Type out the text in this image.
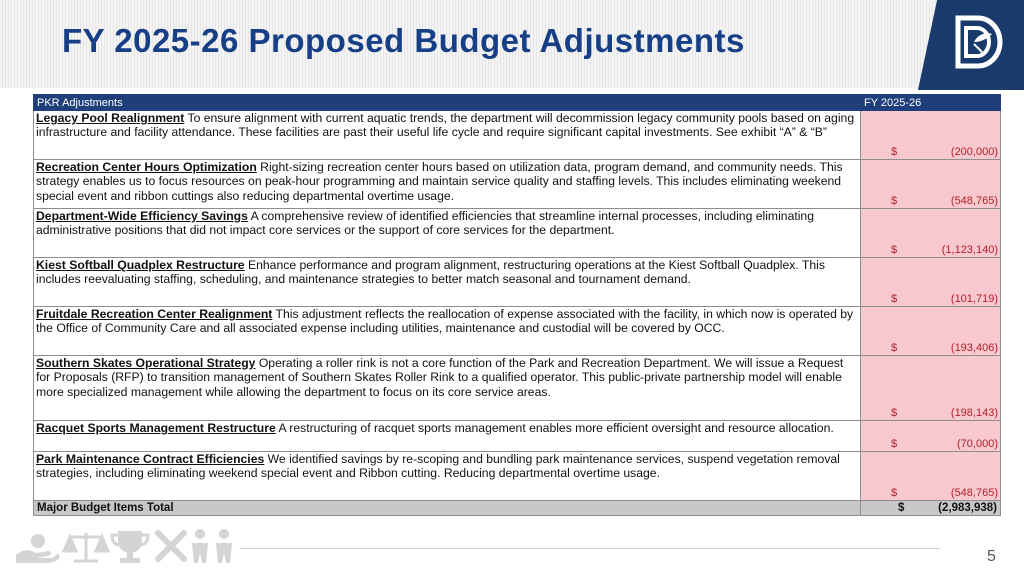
FY 2025-26 Proposed Budget Adjustments
PKR Adjustments	FY 2025-26
Legacy Pool Realignment To ensure alignment with current aquatic trends, the department will decommission legacy community pools based on aging infrastructure and facility attendance. These facilities are past their useful life cycle and require significant capital investments. See exhibit “A” & “B”	$ (200,000)

Recreation Center Hours Optimization Right-sizing recreation center hours based on utilization data, program demand, and community needs. This strategy enables us to focus resources on peak-hour programming and maintain service quality and staffing levels. This includes eliminating weekend special event and ribbon cuttings also reducing departmental overtime usage.	$ (548,765)

Department-Wide Efficiency Savings A comprehensive review of identified efficiencies that streamline internal processes, including eliminating administrative positions that did not impact core services or the support of core services for the department.	$ (1,123,140)

Kiest Softball Quadplex Restructure Enhance performance and program alignment, restructuring operations at the Kiest Softball Quadplex. This includes reevaluating staffing, scheduling, and maintenance strategies to better match seasonal and tournament demand.	$ (101,719)

Fruitdale Recreation Center Realignment This adjustment reflects the reallocation of expense associated with the facility, in which now is operated by the Office of Community Care and all associated expense including utilities, maintenance and custodial will be covered by OCC.	$ (193,406)

Southern Skates Operational Strategy Operating a roller rink is not a core function of the Park and Recreation Department. We will issue a Request for Proposals (RFP) to transition management of Southern Skates Roller Rink to a qualified operator. This public-private partnership model will enable more specialized management while allowing the department to focus on its core service areas.	$ (198,143)

Racquet Sports Management Restructure A restructuring of racquet sports management enables more efficient oversight and resource allocation.	$ (70,000)

Park Maintenance Contract Efficiencies We identified savings by re-scoping and bundling park maintenance services, suspend vegetation removal strategies, including eliminating weekend special event and Ribbon cutting. Reducing departmental overtime usage.	$ (548,765)

Major Budget Items Total	$ (2,983,938)
5
